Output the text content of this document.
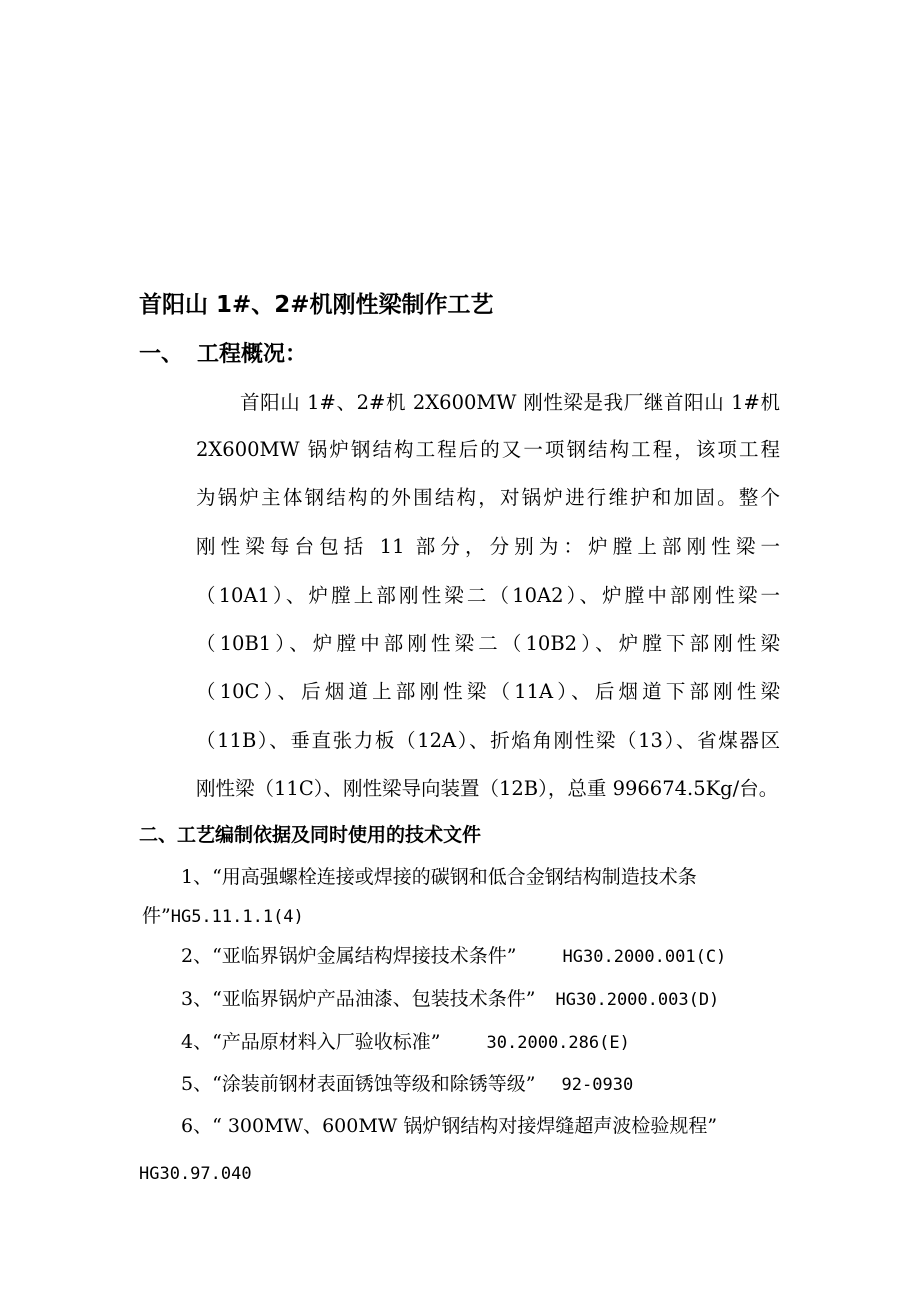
首阳山 1#、2#机刚性梁制作工艺
一、 工程概况：

首阳山 1#、2#机 2X600MW 刚性梁是我厂继首阳山 1#机

2X600MW 锅炉钢结构工程后的又一项钢结构工程，该项工程

为锅炉主体钢结构的外围结构，对锅炉进行维护和加固。整个

刚性梁每台包括 11 部分，分别为：炉膛上部刚性梁一

（10A1）、炉膛上部刚性梁二（10A2）、炉膛中部刚性梁一

（10B1）、炉膛中部刚性梁二（10B2）、炉膛下部刚性梁

（10C）、后烟道上部刚性梁（11A）、后烟道下部刚性梁

（11B）、垂直张力板（12A）、折焰角刚性梁（13）、省煤器区

刚性梁（11C）、刚性梁导向装置（12B），总重 996674.5Kg/台。

二、工艺编制依据及同时使用的技术文件

1、“用高强螺栓连接或焊接的碳钢和低合金钢结构制造技术条

件”HG5.11.1.1(4)

2、“亚临界锅炉金属结构焊接技术条件”	HG30.2000.001(C)

3、“亚临界锅炉产品油漆、包装技术条件” HG30.2000.003(D)

4、“产品原材料入厂验收标准”	30.2000.286(E)

5、“涂装前钢材表面锈蚀等级和除锈等级” 92-0930

6、“ 300MW、600MW 锅炉钢结构对接焊缝超声波检验规程”

HG30.97.040
